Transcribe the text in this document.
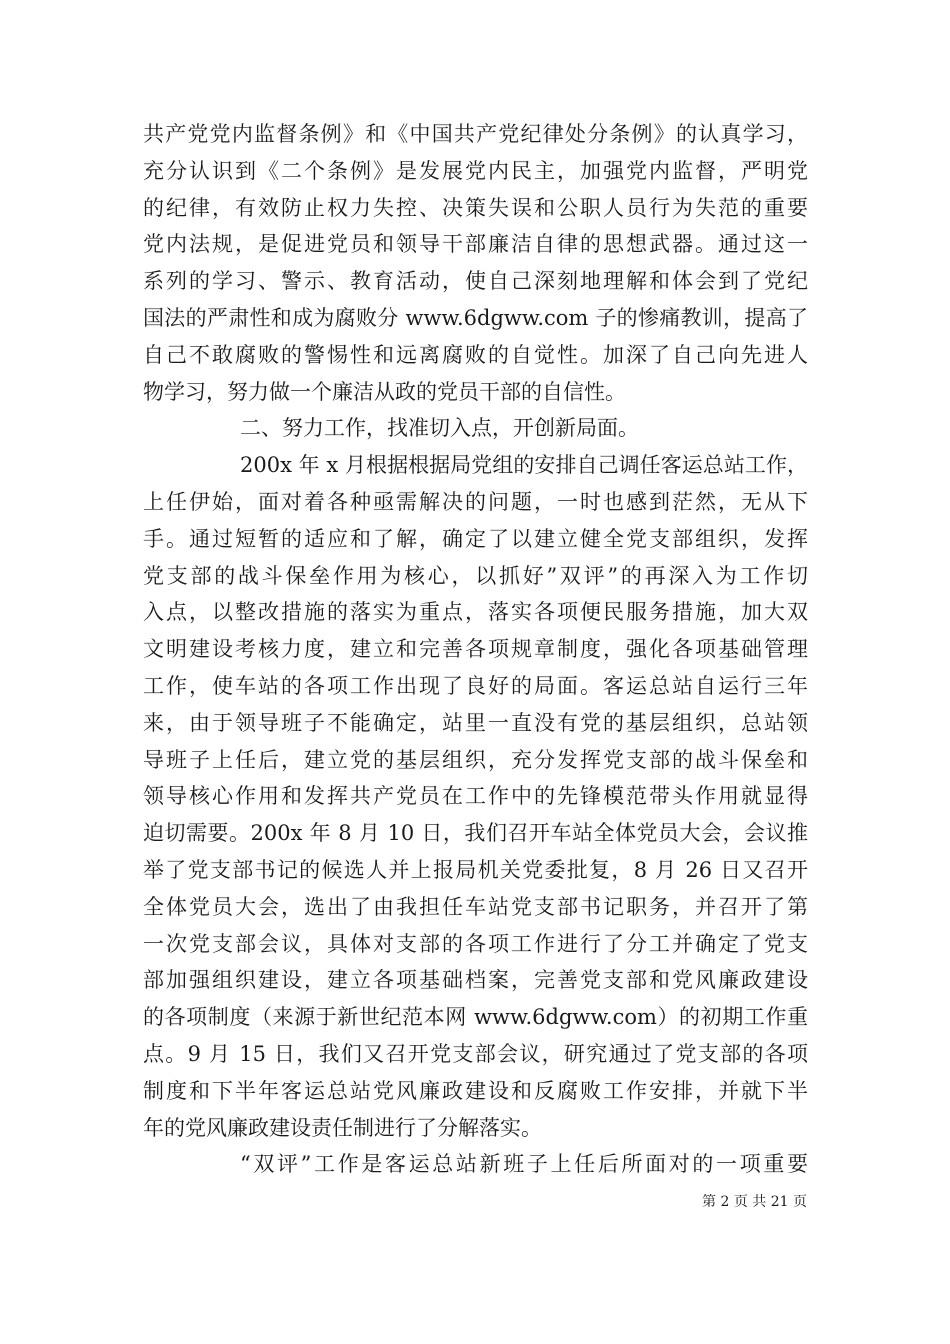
共产党党内监督条例》和《中国共产党纪律处分条例》的认真学习，
充分认识到《二个条例》是发展党内民主，加强党内监督，严明党
的纪律，有效防止权力失控、决策失误和公职人员行为失范的重要
党内法规，是促进党员和领导干部廉洁自律的思想武器。通过这一
系列的学习、警示、教育活动，使自己深刻地理解和体会到了党纪
国法的严肃性和成为腐败分 www.6dgww.com 子的惨痛教训，提高了
自己不敢腐败的警惕性和远离腐败的自觉性。加深了自己向先进人
物学习，努力做一个廉洁从政的党员干部的自信性。
二、努力工作，找准切入点，开创新局面。
200x 年 x 月根据根据局党组的安排自己调任客运总站工作，
上任伊始，面对着各种亟需解决的问题，一时也感到茫然，无从下
手。通过短暂的适应和了解，确定了以建立健全党支部组织，发挥
党支部的战斗保垒作用为核心，以抓好”双评”的再深入为工作切
入点，以整改措施的落实为重点，落实各项便民服务措施，加大双
文明建设考核力度，建立和完善各项规章制度，强化各项基础管理
工作，使车站的各项工作出现了良好的局面。客运总站自运行三年
来，由于领导班子不能确定，站里一直没有党的基层组织，总站领
导班子上任后，建立党的基层组织，充分发挥党支部的战斗保垒和
领导核心作用和发挥共产党员在工作中的先锋模范带头作用就显得
迫切需要。200x 年 8 月 10 日，我们召开车站全体党员大会，会议推
举了党支部书记的候选人并上报局机关党委批复，8 月 26 日又召开
全体党员大会，选出了由我担任车站党支部书记职务，并召开了第
一次党支部会议，具体对支部的各项工作进行了分工并确定了党支
部加强组织建设，建立各项基础档案，完善党支部和党风廉政建设
的各项制度（来源于新世纪范本网 www.6dgww.com）的初期工作重
点。9 月 15 日，我们又召开党支部会议，研究通过了党支部的各项
制度和下半年客运总站党风廉政建设和反腐败工作安排，并就下半
年的党风廉政建设责任制进行了分解落实。
“双评”工作是客运总站新班子上任后所面对的一项重要
第 2 页 共 21 页
